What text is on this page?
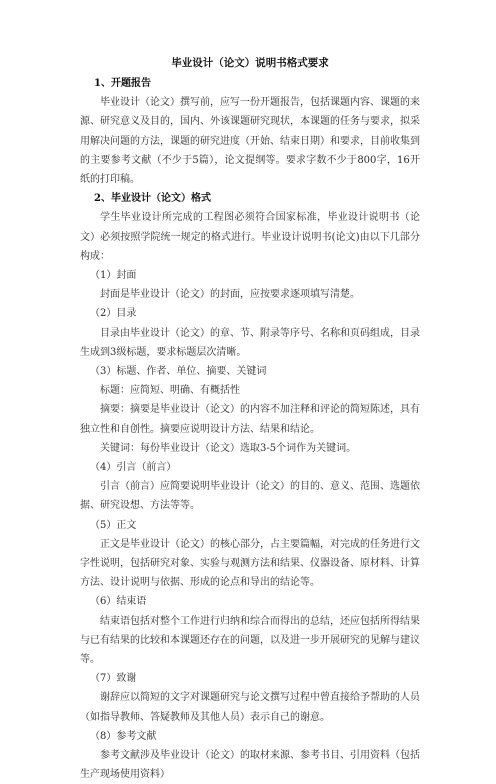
毕业设计（论文）说明书格式要求
1、开题报告

毕业设计（论文）撰写前，应写一份开题报告，包括课题内容、课题的来源、研究意义及目的，国内、外该课题研究现状，本课题的任务与要求，拟采用解决问题的方法，课题的研究进度（开始、结束日期）和要求，目前收集到的主要参考文献（不少于5篇），论文提纲等。要求字数不少于800字，16开纸的打印稿。

2、毕业设计（论文）格式

学生毕业设计所完成的工程图必须符合国家标准，毕业设计说明书（论文）必须按照学院统一规定的格式进行。毕业设计说明书(论文)由以下几部分构成：

（1）封面

封面是毕业设计（论文）的封面，应按要求逐项填写清楚。

（2）目录

目录由毕业设计（论文）的章、节、附录等序号、名称和页码组成，目录生成到3级标题，要求标题层次清晰。

（3）标题、作者、单位、摘要、关键词

标题：应简短、明确、有概括性

摘要：摘要是毕业设计（论文）的内容不加注释和评论的简短陈述，具有独立性和自创性。摘要应说明设计方法、结果和结论。

关键词：每份毕业设计（论文）选取3-5个词作为关键词。

（4）引言（前言）

引言（前言）应简要说明毕业设计（论文）的目的、意义、范围、选题依据、研究设想、方法等等。

（5）正文

正文是毕业设计（论文）的核心部分，占主要篇幅，对完成的任务进行文字性说明，包括研究对象、实验与观测方法和结果、仪器设备、原材料、计算方法、设计说明与依据、形成的论点和导出的结论等。

（6）结束语

结束语包括对整个工作进行归纳和综合而得出的总结，还应包括所得结果与已有结果的比较和本课题还存在的问题，以及进一步开展研究的见解与建议等。

（7）致谢

谢辞应以简短的文字对课题研究与论文撰写过程中曾直接给予帮助的人员（如指导教师、答疑教师及其他人员）表示自己的谢意。

（8）参考文献

参考文献涉及毕业设计（论文）的取材来源、参考书目、引用资料（包括生产现场使用资料）
